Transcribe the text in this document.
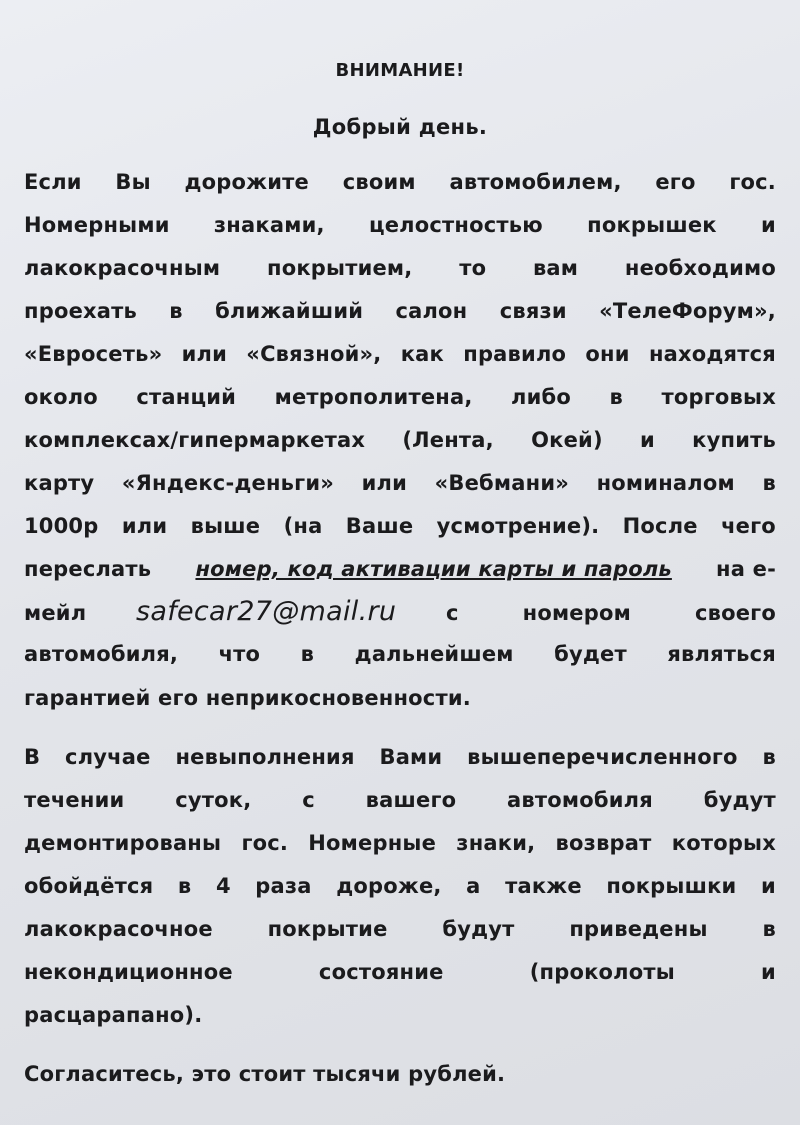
ВНИМАНИЕ!
Добрый день.
Если Вы дорожите своим автомобилем, его гос.
Номерными знаками, целостностью покрышек и
лакокрасочным покрытием, то вам необходимо
проехать в ближайший салон связи «ТелеФорум»,
«Евросеть» или «Связной», как правило они находятся
около станций метрополитена, либо в торговых
комплексах/гипермаркетах (Лента, Окей) и купить
карту «Яндекс-деньги» или «Вебмани» номиналом в
1000р или выше (на Ваше усмотрение). После чего
переслать номер, код активации карты и пароль на е-
мейл safecar27@mail.ru с	номером	своего
автомобиля, что в дальнейшем будет являться
гарантией его неприкосновенности.
В случае невыполнения Вами вышеперечисленного в
течении суток, с вашего автомобиля будут
демонтированы гос. Номерные знаки, возврат которых
обойдётся в 4 раза дороже, а также покрышки и
лакокрасочное	покрытие	будут	приведены	в
некондиционное	состояние	(проколоты	и
расцарапано).
Согласитесь, это стоит тысячи рублей.
